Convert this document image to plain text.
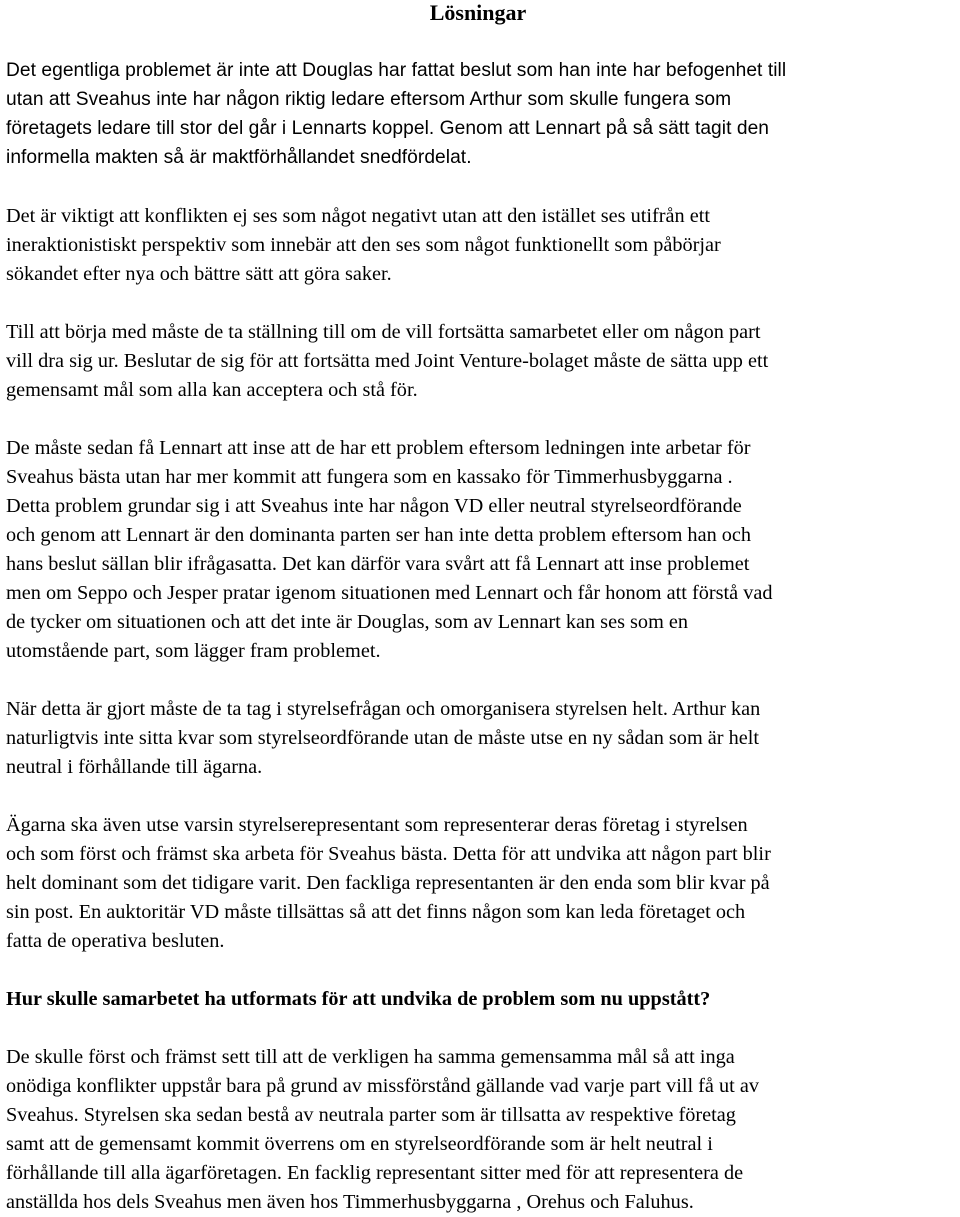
Lösningar

Det egentliga problemet är inte att Douglas har fattat beslut som han inte har befogenhet till
utan att Sveahus inte har någon riktig ledare eftersom Arthur som skulle fungera som
företagets ledare till stor del går i Lennarts koppel. Genom att Lennart på så sätt tagit den
informella makten så är maktförhållandet snedfördelat.

Det är viktigt att konflikten ej ses som något negativt utan att den istället ses utifrån ett
ineraktionistiskt perspektiv som innebär att den ses som något funktionellt som påbörjar
sökandet efter nya och bättre sätt att göra saker.

Till att börja med måste de ta ställning till om de vill fortsätta samarbetet eller om någon part
vill dra sig ur. Beslutar de sig för att fortsätta med Joint Venture-bolaget måste de sätta upp ett
gemensamt mål som alla kan acceptera och stå för.

De måste sedan få Lennart att inse att de har ett problem eftersom ledningen inte arbetar för
Sveahus bästa utan har mer kommit att fungera som en kassako för Timmerhusbyggarna .
Detta problem grundar sig i att Sveahus inte har någon VD eller neutral styrelseordförande
och genom att Lennart är den dominanta parten ser han inte detta problem eftersom han och
hans beslut sällan blir ifrågasatta. Det kan därför vara svårt att få Lennart att inse problemet
men om Seppo och Jesper pratar igenom situationen med Lennart och får honom att förstå vad
de tycker om situationen och att det inte är Douglas, som av Lennart kan ses som en
utomstående part, som lägger fram problemet.

När detta är gjort måste de ta tag i styrelsefrågan och omorganisera styrelsen helt. Arthur kan
naturligtvis inte sitta kvar som styrelseordförande utan de måste utse en ny sådan som är helt
neutral i förhållande till ägarna.

Ägarna ska även utse varsin styrelserepresentant som representerar deras företag i styrelsen
och som först och främst ska arbeta för Sveahus bästa. Detta för att undvika att någon part blir
helt dominant som det tidigare varit. Den fackliga representanten är den enda som blir kvar på
sin post. En auktoritär VD måste tillsättas så att det finns någon som kan leda företaget och
fatta de operativa besluten.

Hur skulle samarbetet ha utformats för att undvika de problem som nu uppstått?

De skulle först och främst sett till att de verkligen ha samma gemensamma mål så att inga
onödiga konflikter uppstår bara på grund av missförstånd gällande vad varje part vill få ut av
Sveahus. Styrelsen ska sedan bestå av neutrala parter som är tillsatta av respektive företag
samt att de gemensamt kommit överrens om en styrelseordförande som är helt neutral i
förhållande till alla ägarföretagen. En facklig representant sitter med för att representera de
anställda hos dels Sveahus men även hos Timmerhusbyggarna , Orehus och Faluhus.
